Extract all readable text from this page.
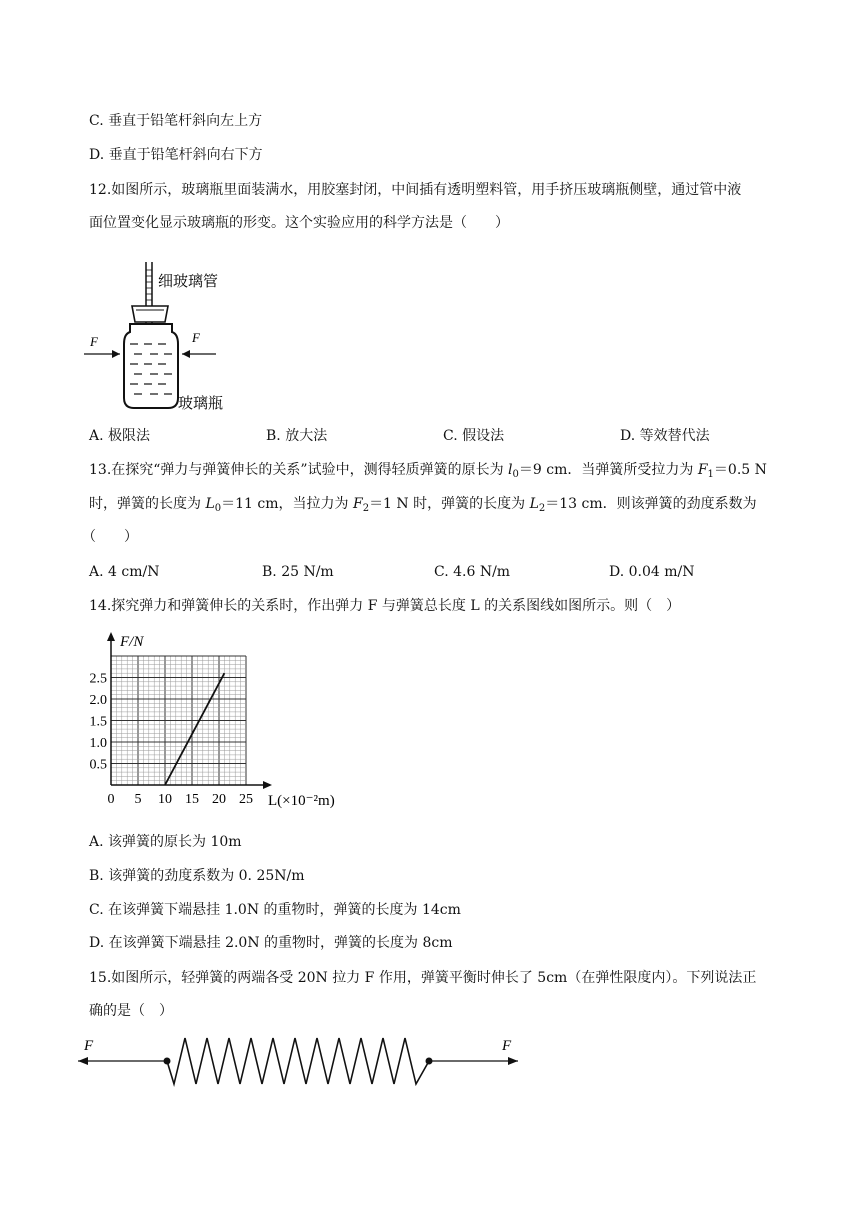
C. 垂直于铅笔杆斜向左上方
D. 垂直于铅笔杆斜向右下方
12.如图所示，玻璃瓶里面装满水，用胶塞封闭，中间插有透明塑料管，用手挤压玻璃瓶侧壁，通过管中液
面位置变化显示玻璃瓶的形变。这个实验应用的科学方法是（　　）
F	F
细玻璃管
玻璃瓶
A. 极限法	B. 放大法	C. 假设法	D. 等效替代法
13.在探究“弹力与弹簧伸长的关系”试验中，测得轻质弹簧的原长为 $l_0=9$ cm．当弹簧所受拉力为 $F_1=0.5$ N
时，弹簧的长度为 $L_0=11$ cm，当拉力为 $F_2=1$ N 时，弹簧的长度为 $L_2=13$ cm．则该弹簧的劲度系数为
（　　）
A. 4 cm/N	B. 25 N/m	C. 4.6 N/m	D. 0.04 m/N
14.探究弹力和弹簧伸长的关系时，作出弹力 F 与弹簧总长度 L 的关系图线如图所示。则（　）
0 5 10 15 20 25
0.5
1.0
1.5
2.0
2.5
F/N
L(×10⁻²m)
A. 该弹簧的原长为 10m
B. 该弹簧的劲度系数为 0. 25N/m
C. 在该弹簧下端悬挂 1.0N 的重物时，弹簧的长度为 14cm
D. 在该弹簧下端悬挂 2.0N 的重物时，弹簧的长度为 8cm
15.如图所示，轻弹簧的两端各受 20N 拉力 F 作用，弹簧平衡时伸长了 5cm（在弹性限度内）。下列说法正
确的是（　）
F	F
